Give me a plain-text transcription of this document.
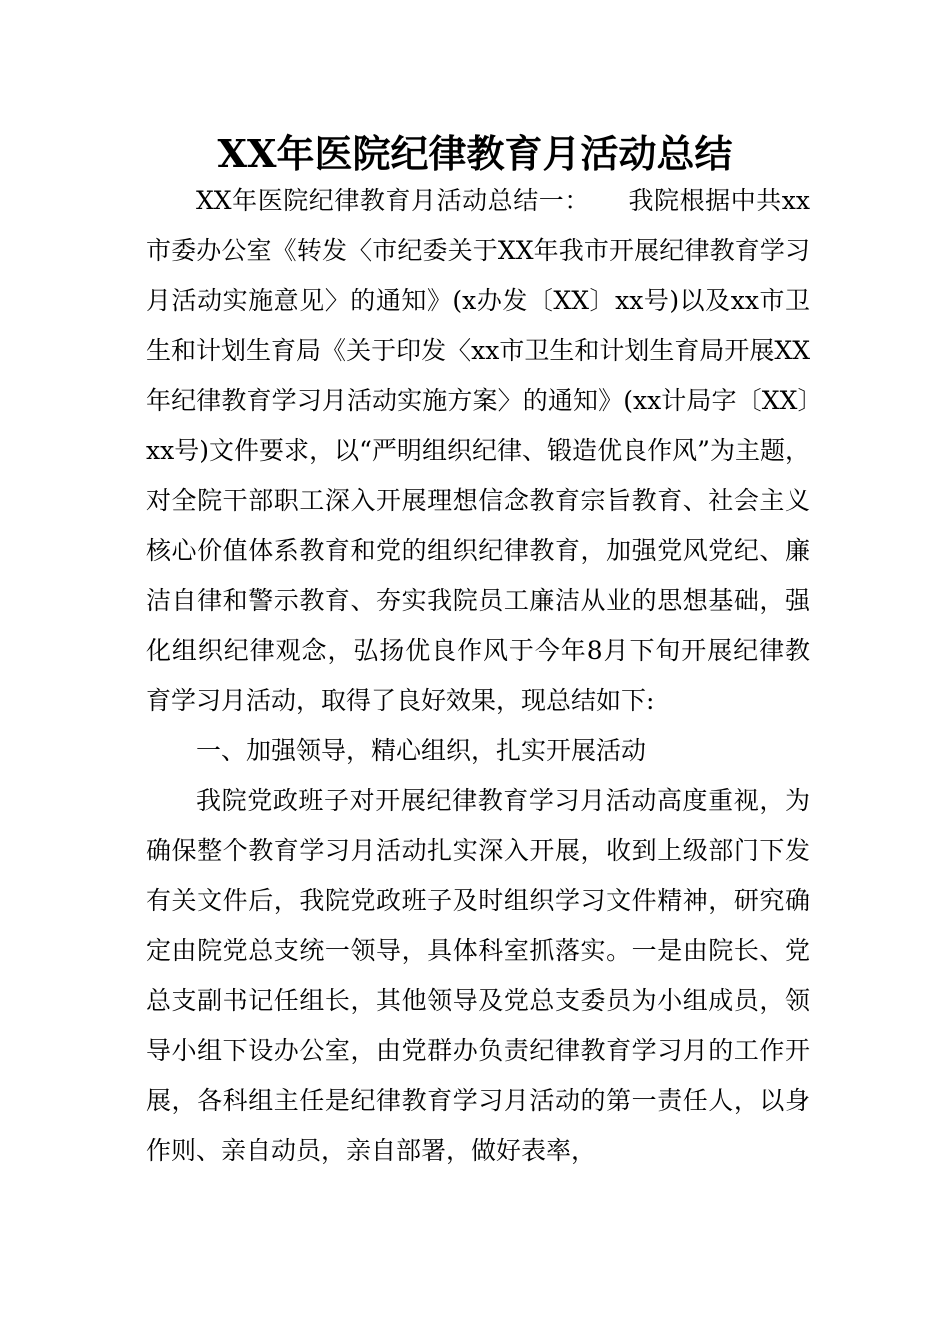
XX年医院纪律教育月活动总结

XX年医院纪律教育月活动总结一：　　我院根据中共xx市委办公室《转发〈市纪委关于XX年我市开展纪律教育学习月活动实施意见〉的通知》(x办发〔XX〕xx号)以及xx市卫生和计划生育局《关于印发〈xx市卫生和计划生育局开展XX年纪律教育学习月活动实施方案〉的通知》(xx计局字〔XX〕xx号)文件要求，以“严明组织纪律、锻造优良作风”为主题，对全院干部职工深入开展理想信念教育宗旨教育、社会主义核心价值体系教育和党的组织纪律教育，加强党风党纪、廉洁自律和警示教育、夯实我院员工廉洁从业的思想基础，强化组织纪律观念，弘扬优良作风于今年8月下旬开展纪律教育学习月活动，取得了良好效果，现总结如下:

一、加强领导，精心组织，扎实开展活动

我院党政班子对开展纪律教育学习月活动高度重视，为确保整个教育学习月活动扎实深入开展，收到上级部门下发有关文件后，我院党政班子及时组织学习文件精神，研究确定由院党总支统一领导，具体科室抓落实。一是由院长、党总支副书记任组长，其他领导及党总支委员为小组成员，领导小组下设办公室，由党群办负责纪律教育学习月的工作开展，各科组主任是纪律教育学习月活动的第一责任人，以身作则、亲自动员，亲自部署，做好表率，
